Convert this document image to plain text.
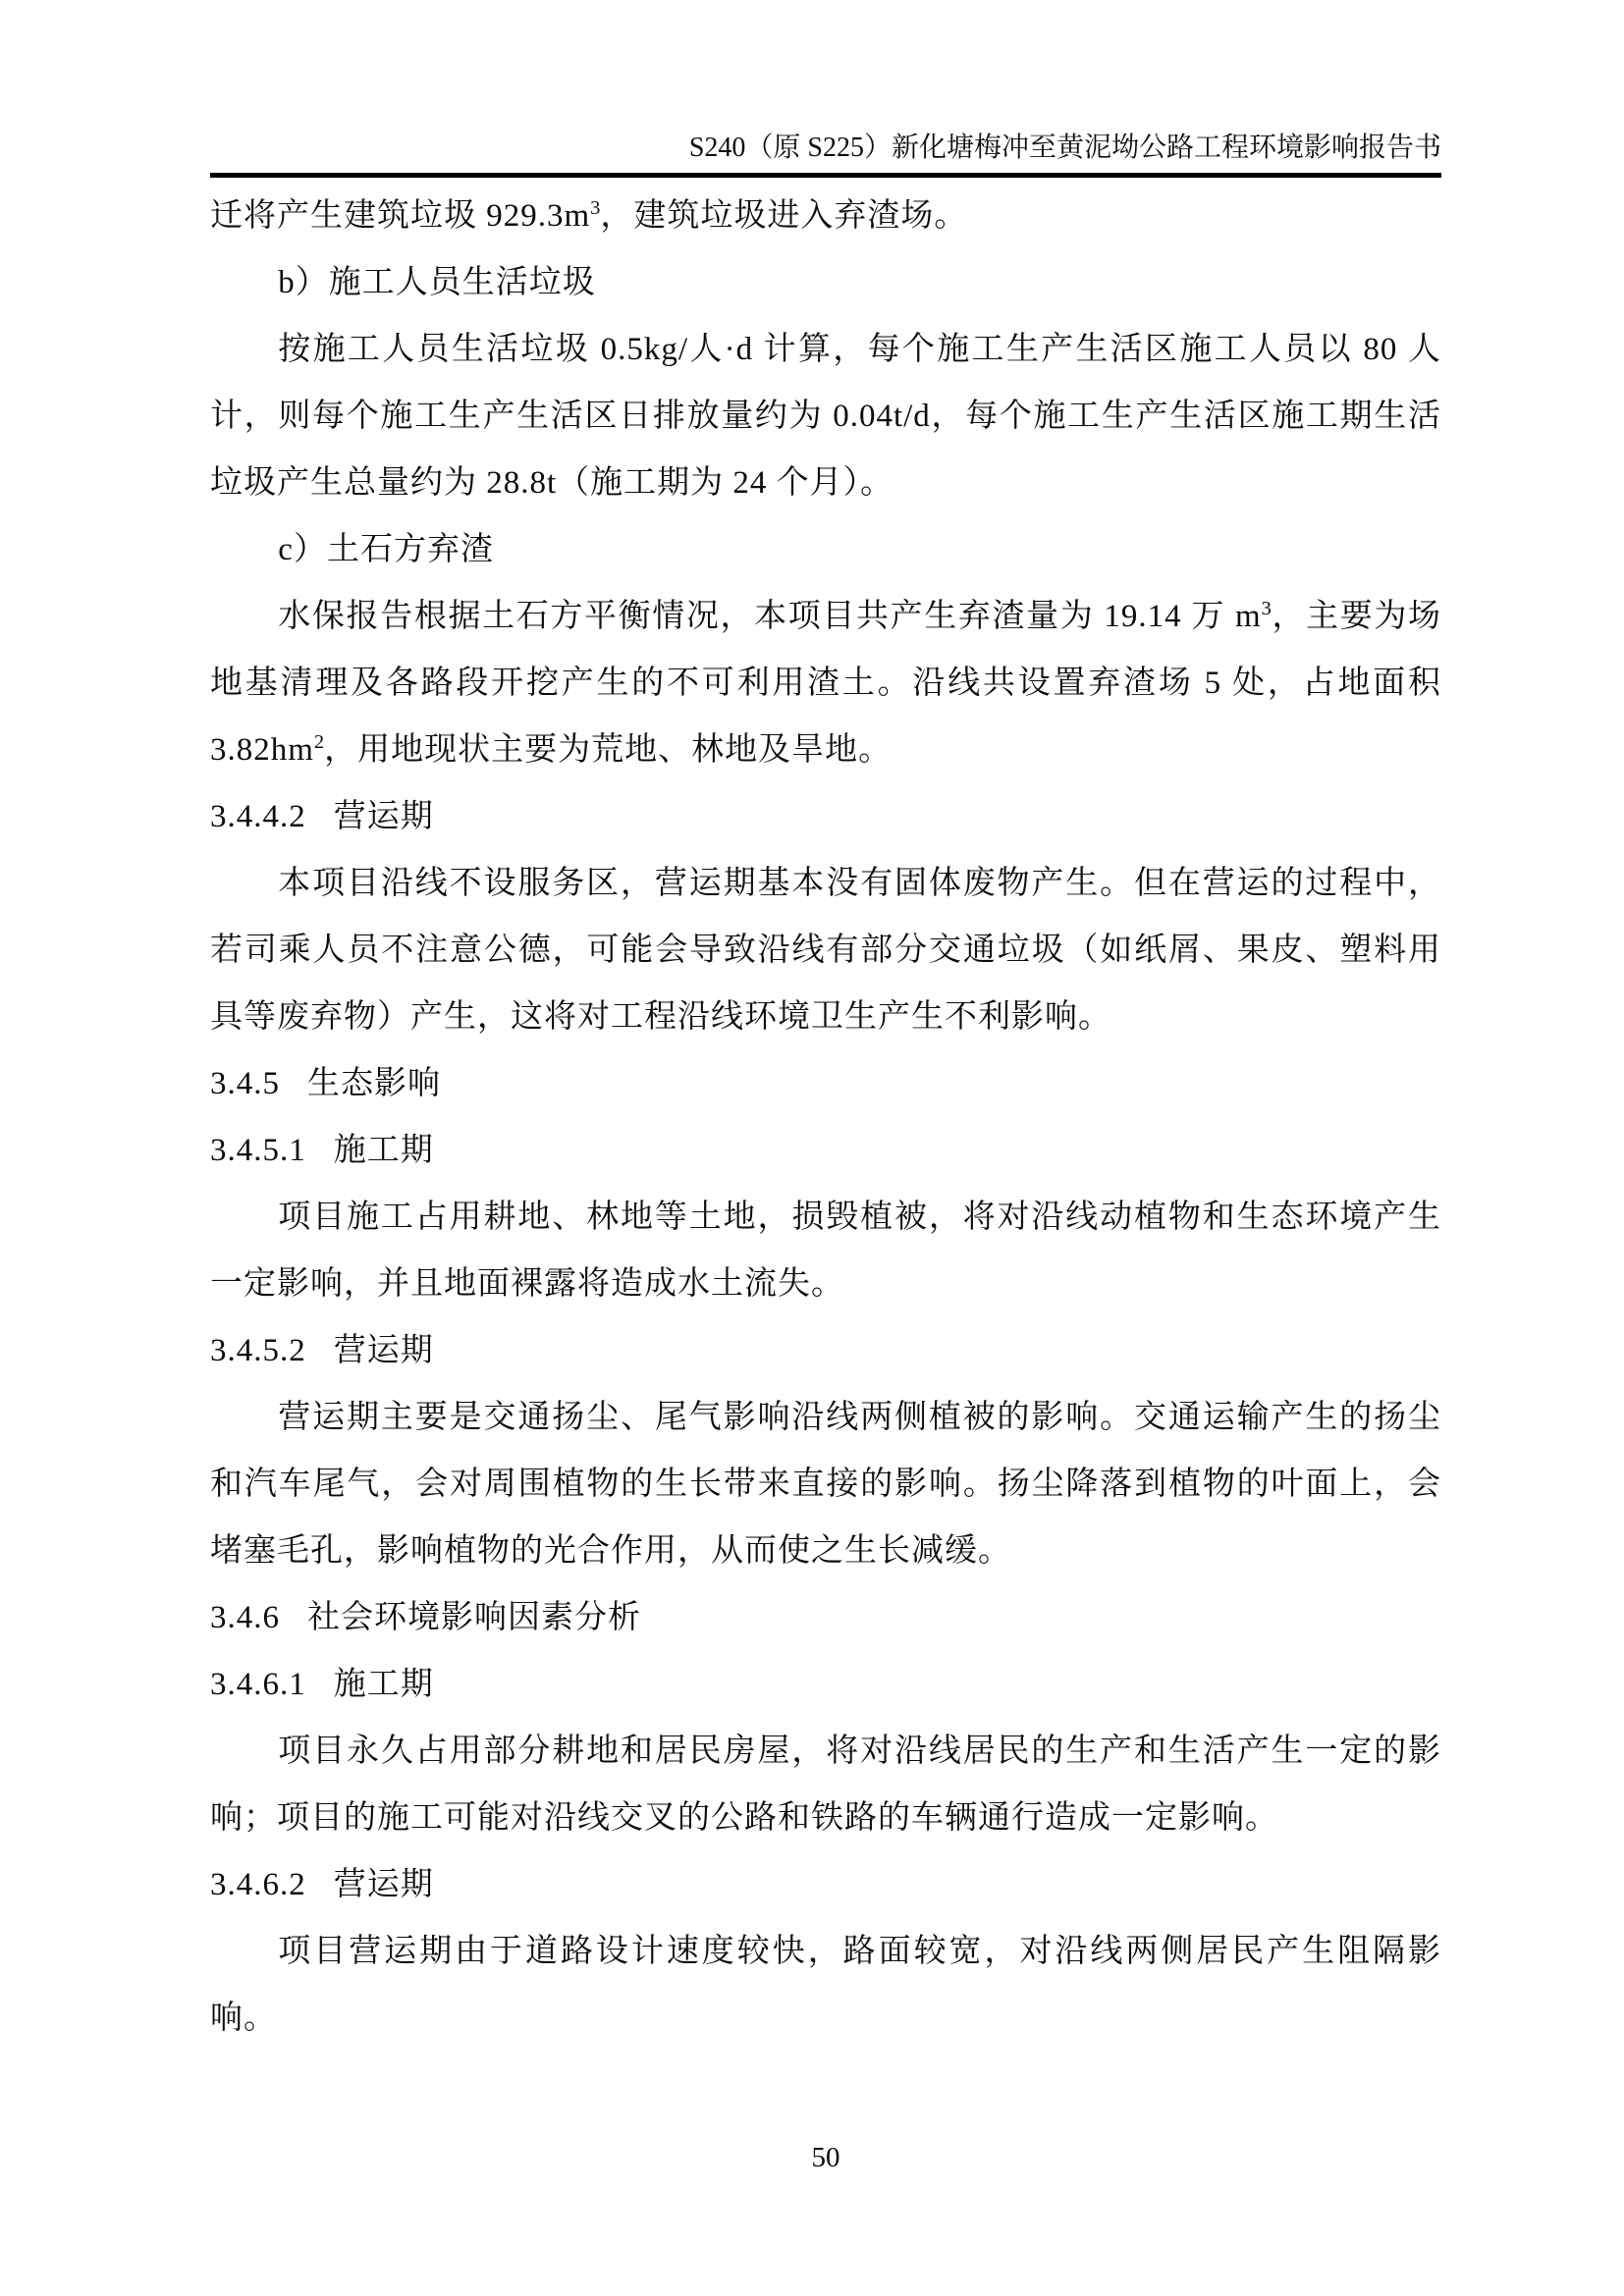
S240（原 S225）新化塘梅冲至黄泥坳公路工程环境影响报告书

迁将产生建筑垃圾 $929.3m^3$，建筑垃圾进入弃渣场。

b）施工人员生活垃圾

按施工人员生活垃圾 0.5kg/人·d 计算，每个施工生产生活区施工人员以 80 人计，则每个施工生产生活区日排放量约为 0.04t/d，每个施工生产生活区施工期生活垃圾产生总量约为 28.8t（施工期为 24 个月）。

c）土石方弃渣

水保报告根据土石方平衡情况，本项目共产生弃渣量为 19.14 万 $m^3$，主要为场地基清理及各路段开挖产生的不可利用渣土。沿线共设置弃渣场 5 处，占地面积 $3.82hm^2$，用地现状主要为荒地、林地及旱地。

3.4.4.2 营运期

本项目沿线不设服务区，营运期基本没有固体废物产生。但在营运的过程中，若司乘人员不注意公德，可能会导致沿线有部分交通垃圾（如纸屑、果皮、塑料用具等废弃物）产生，这将对工程沿线环境卫生产生不利影响。

3.4.5 生态影响

3.4.5.1 施工期

项目施工占用耕地、林地等土地，损毁植被，将对沿线动植物和生态环境产生一定影响，并且地面裸露将造成水土流失。

3.4.5.2 营运期

营运期主要是交通扬尘、尾气影响沿线两侧植被的影响。交通运输产生的扬尘和汽车尾气，会对周围植物的生长带来直接的影响。扬尘降落到植物的叶面上，会堵塞毛孔，影响植物的光合作用，从而使之生长减缓。

3.4.6 社会环境影响因素分析

3.4.6.1 施工期

项目永久占用部分耕地和居民房屋，将对沿线居民的生产和生活产生一定的影响；项目的施工可能对沿线交叉的公路和铁路的车辆通行造成一定影响。

3.4.6.2 营运期

项目营运期由于道路设计速度较快，路面较宽，对沿线两侧居民产生阻隔影响。

50
